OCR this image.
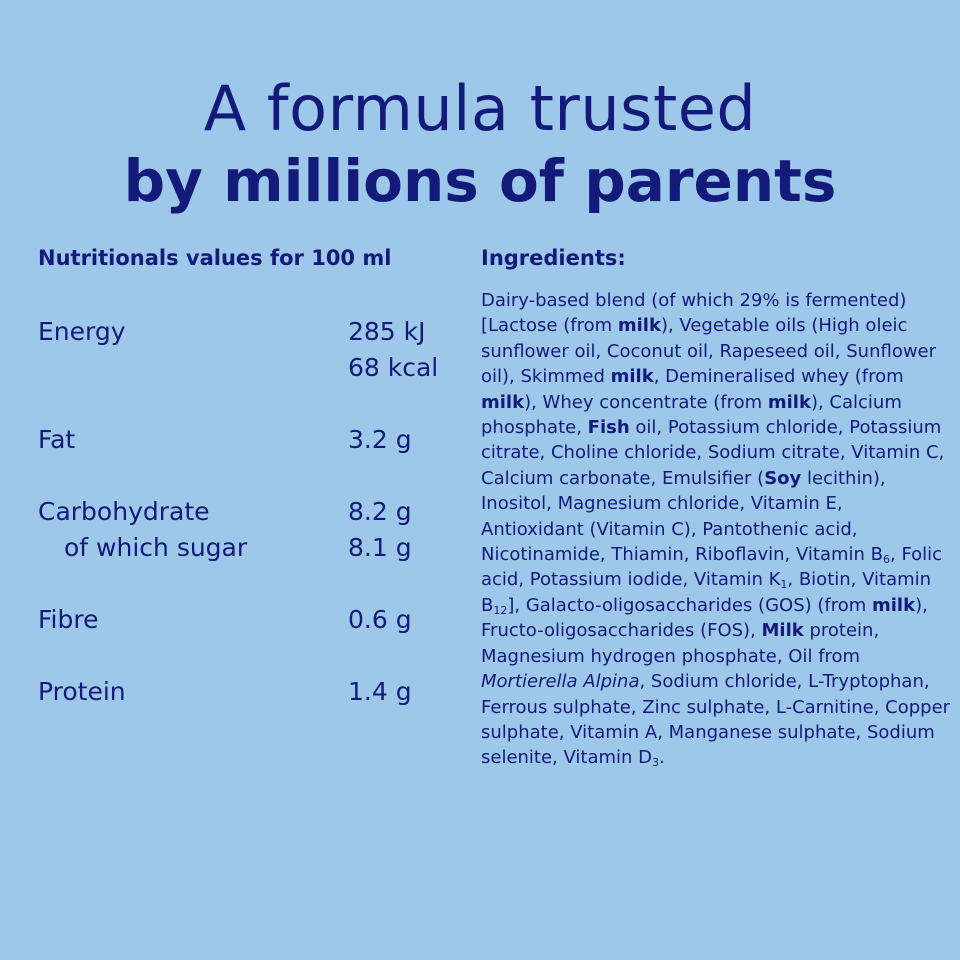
A formula trusted
by millions of parents
Nutritionals values for 100 ml
Energy	285 kJ
68 kcal
Fat	3.2 g
Carbohydrate	8.2 g
of which sugar	8.1 g
Fibre	0.6 g
Protein	1.4 g
Ingredients:
Dairy-based blend (of which 29% is fermented) [Lactose (from milk), Vegetable oils (High oleic sunflower oil, Coconut oil, Rapeseed oil, Sunflower oil), Skimmed milk, Demineralised whey (from milk), Whey concentrate (from milk), Calcium phosphate, Fish oil, Potassium chloride, Potassium citrate, Choline chloride, Sodium citrate, Vitamin C, Calcium carbonate, Emulsifier (Soy lecithin), Inositol, Magnesium chloride, Vitamin E, Antioxidant (Vitamin C), Pantothenic acid, Nicotinamide, Thiamin, Riboflavin, Vitamin $B_6$, Folic acid, Potassium iodide, Vitamin $K_1$, Biotin, Vitamin $B_{12}$], Galacto-oligosaccharides (GOS) (from milk), Fructo-oligosaccharides (FOS), Milk protein, Magnesium hydrogen phosphate, Oil from Mortierella Alpina, Sodium chloride, L-Tryptophan, Ferrous sulphate, Zinc sulphate, L-Carnitine, Copper sulphate, Vitamin A, Manganese sulphate, Sodium selenite, Vitamin $D_3$.
